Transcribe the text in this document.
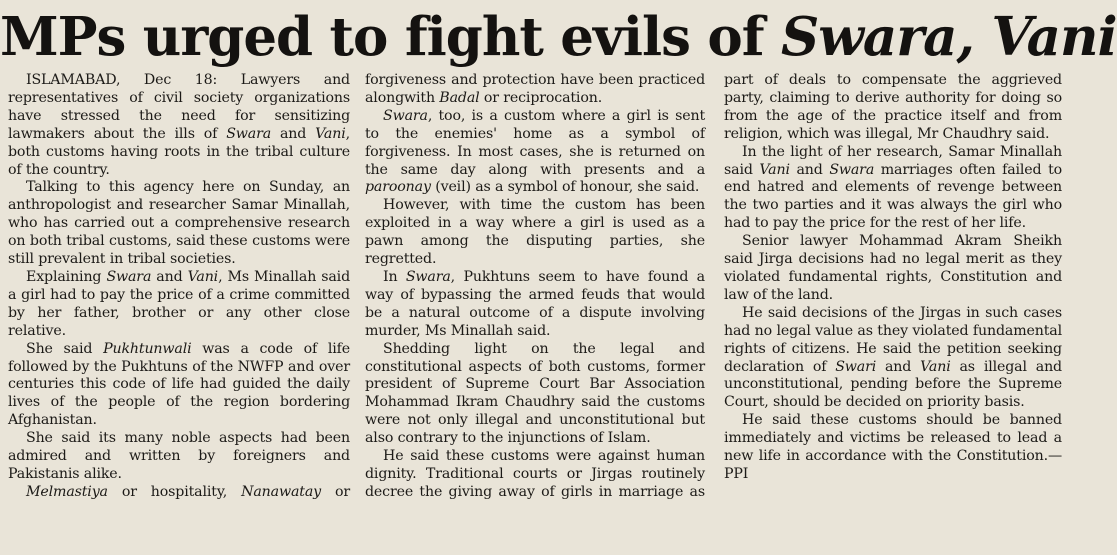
MPs urged to fight evils of Swara, Vani

ISLAMABAD, Dec 18: Lawyers and representatives of civil society organizations have stressed the need for sensitizing lawmakers about the ills of Swara and Vani, both customs having roots in the tribal culture of the country.

Talking to this agency here on Sunday, an anthropologist and researcher Samar Minallah, who has carried out a comprehensive research on both tribal customs, said these customs were still prevalent in tribal societies.

Explaining Swara and Vani, Ms Minallah said a girl had to pay the price of a crime committed by her father, brother or any other close relative.

She said Pukhtunwali was a code of life followed by the Pukhtuns of the NWFP and over centuries this code of life had guided the daily lives of the people of the region bordering Afghanistan.

She said its many noble aspects had been admired and written by foreigners and Pakistanis alike.

Melmastiya or hospitality, Nanawatay or

forgiveness and protection have been practiced alongwith Badal or reciprocation.

Swara, too, is a custom where a girl is sent to the enemies' home as a symbol of forgiveness. In most cases, she is returned on the same day along with presents and a paroonay (veil) as a symbol of honour, she said.

However, with time the custom has been exploited in a way where a girl is used as a pawn among the disputing parties, she regretted.

In Swara, Pukhtuns seem to have found a way of bypassing the armed feuds that would be a natural outcome of a dispute involving murder, Ms Minallah said.

Shedding light on the legal and constitutional aspects of both customs, former president of Supreme Court Bar Association Mohammad Ikram Chaudhry said the customs were not only illegal and unconstitutional but also contrary to the injunctions of Islam.

He said these customs were against human dignity. Traditional courts or Jirgas routinely decree the giving away of girls in marriage as

part of deals to compensate the aggrieved party, claiming to derive authority for doing so from the age of the practice itself and from religion, which was illegal, Mr Chaudhry said.

In the light of her research, Samar Minallah said Vani and Swara marriages often failed to end hatred and elements of revenge between the two parties and it was always the girl who had to pay the price for the rest of her life.

Senior lawyer Mohammad Akram Sheikh said Jirga decisions had no legal merit as they violated fundamental rights, Constitution and law of the land.

He said decisions of the Jirgas in such cases had no legal value as they violated fundamental rights of citizens. He said the petition seeking declaration of Swari and Vani as illegal and unconstitutional, pending before the Supreme Court, should be decided on priority basis.

He said these customs should be banned immediately and victims be released to lead a new life in accordance with the Constitution.—PPI
